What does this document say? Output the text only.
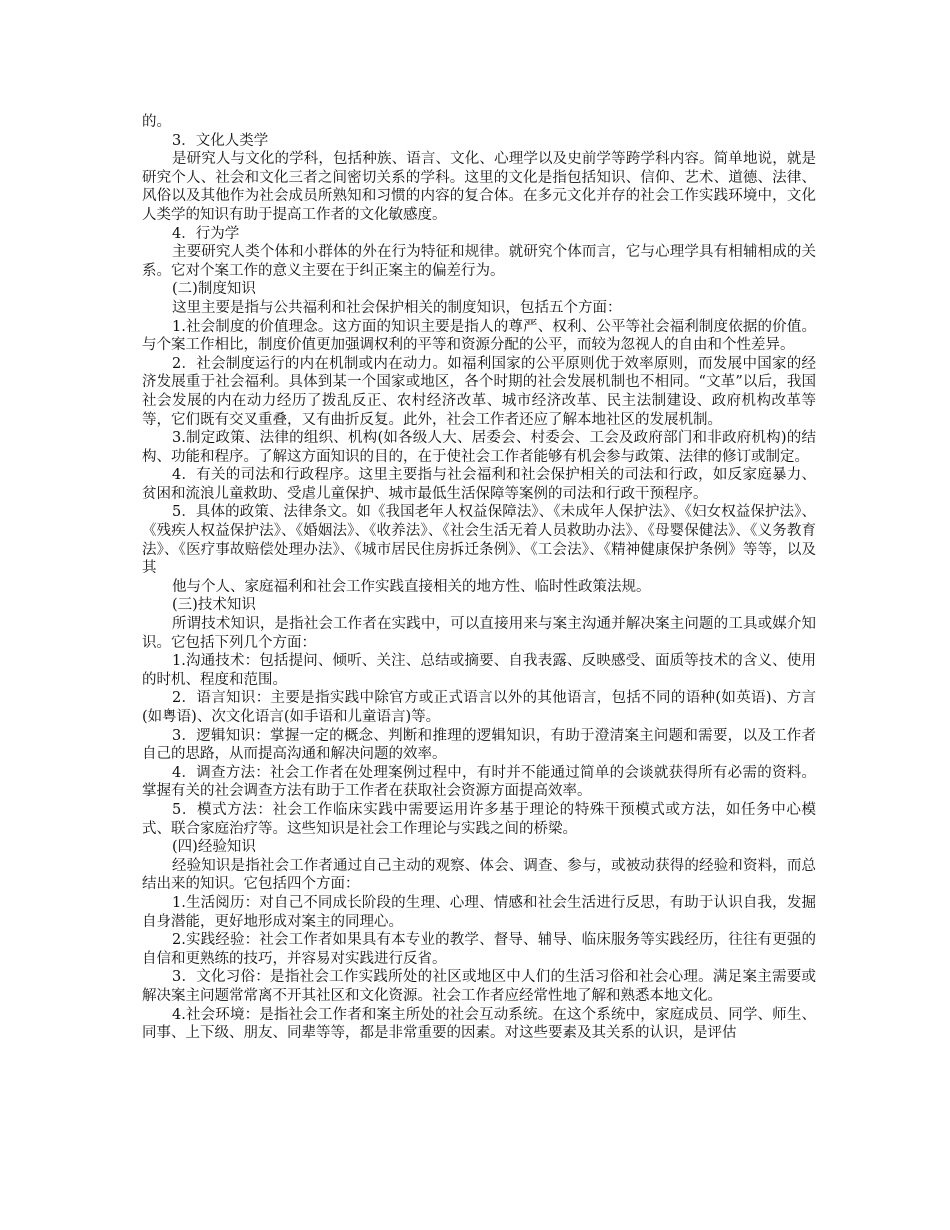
的。

3．文化人类学

是研究人与文化的学科，包括种族、语言、文化、心理学以及史前学等跨学科内容。简单地说，就是研究个人、社会和文化三者之间密切关系的学科。这里的文化是指包括知识、信仰、艺术、道德、法律、风俗以及其他作为社会成员所熟知和习惯的内容的复合体。在多元文化并存的社会工作实践环境中，文化人类学的知识有助于提高工作者的文化敏感度。

4．行为学

主要研究人类个体和小群体的外在行为特征和规律。就研究个体而言，它与心理学具有相辅相成的关系。它对个案工作的意义主要在于纠正案主的偏差行为。

(二)制度知识

这里主要是指与公共福利和社会保护相关的制度知识，包括五个方面：

1.社会制度的价值理念。这方面的知识主要是指人的尊严、权利、公平等社会福利制度依据的价值。与个案工作相比，制度价值更加强调权利的平等和资源分配的公平，而较为忽视人的自由和个性差异。

2．社会制度运行的内在机制或内在动力。如福利国家的公平原则优于效率原则，而发展中国家的经济发展重于社会福利。具体到某一个国家或地区，各个时期的社会发展机制也不相同。“文革”以后，我国社会发展的内在动力经历了拨乱反正、农村经济改革、城市经济改革、民主法制建设、政府机构改革等等，它们既有交叉重叠，又有曲折反复。此外，社会工作者还应了解本地社区的发展机制。

3.制定政策、法律的组织、机构(如各级人大、居委会、村委会、工会及政府部门和非政府机构)的结构、功能和程序。了解这方面知识的目的，在于使社会工作者能够有机会参与政策、法律的修订或制定。

4．有关的司法和行政程序。这里主要指与社会福利和社会保护相关的司法和行政，如反家庭暴力、贫困和流浪儿童救助、受虐儿童保护、城市最低生活保障等案例的司法和行政干预程序。

5．具体的政策、法律条文。如《我国老年人权益保障法》、《未成年人保护法》、《妇女权益保护法》、《残疾人权益保护法》、《婚姻法》、《收养法》、《社会生活无着人员救助办法》、《母婴保健法》、《义务教育法》、《医疗事故赔偿处理办法》、《城市居民住房拆迁条例》、《工会法》、《精神健康保护条例》等等，以及其

他与个人、家庭福利和社会工作实践直接相关的地方性、临时性政策法规。

(三)技术知识

所谓技术知识，是指社会工作者在实践中，可以直接用来与案主沟通并解决案主问题的工具或媒介知识。它包括下列几个方面：

1.沟通技术：包括提问、倾听、关注、总结或摘要、自我表露、反映感受、面质等技术的含义、使用的时机、程度和范围。

2．语言知识：主要是指实践中除官方或正式语言以外的其他语言，包括不同的语种(如英语)、方言(如粤语)、次文化语言(如手语和儿童语言)等。

3．逻辑知识：掌握一定的概念、判断和推理的逻辑知识，有助于澄清案主问题和需要，以及工作者自己的思路，从而提高沟通和解决问题的效率。

4．调查方法：社会工作者在处理案例过程中，有时并不能通过简单的会谈就获得所有必需的资料。掌握有关的社会调查方法有助于工作者在获取社会资源方面提高效率。

5．模式方法：社会工作临床实践中需要运用许多基于理论的特殊干预模式或方法，如任务中心模式、联合家庭治疗等。这些知识是社会工作理论与实践之间的桥梁。

(四)经验知识

经验知识是指社会工作者通过自己主动的观察、体会、调查、参与，或被动获得的经验和资料，而总结出来的知识。它包括四个方面：

1.生活阅历：对自己不同成长阶段的生理、心理、情感和社会生活进行反思，有助于认识自我，发掘自身潜能，更好地形成对案主的同理心。

2.实践经验：社会工作者如果具有本专业的教学、督导、辅导、临床服务等实践经历，往往有更强的自信和更熟练的技巧，并容易对实践进行反省。

3．文化习俗：是指社会工作实践所处的社区或地区中人们的生活习俗和社会心理。满足案主需要或解决案主问题常常离不开其社区和文化资源。社会工作者应经常性地了解和熟悉本地文化。

4.社会环境：是指社会工作者和案主所处的社会互动系统。在这个系统中，家庭成员、同学、师生、同事、上下级、朋友、同辈等等，都是非常重要的因素。对这些要素及其关系的认识，是评估
